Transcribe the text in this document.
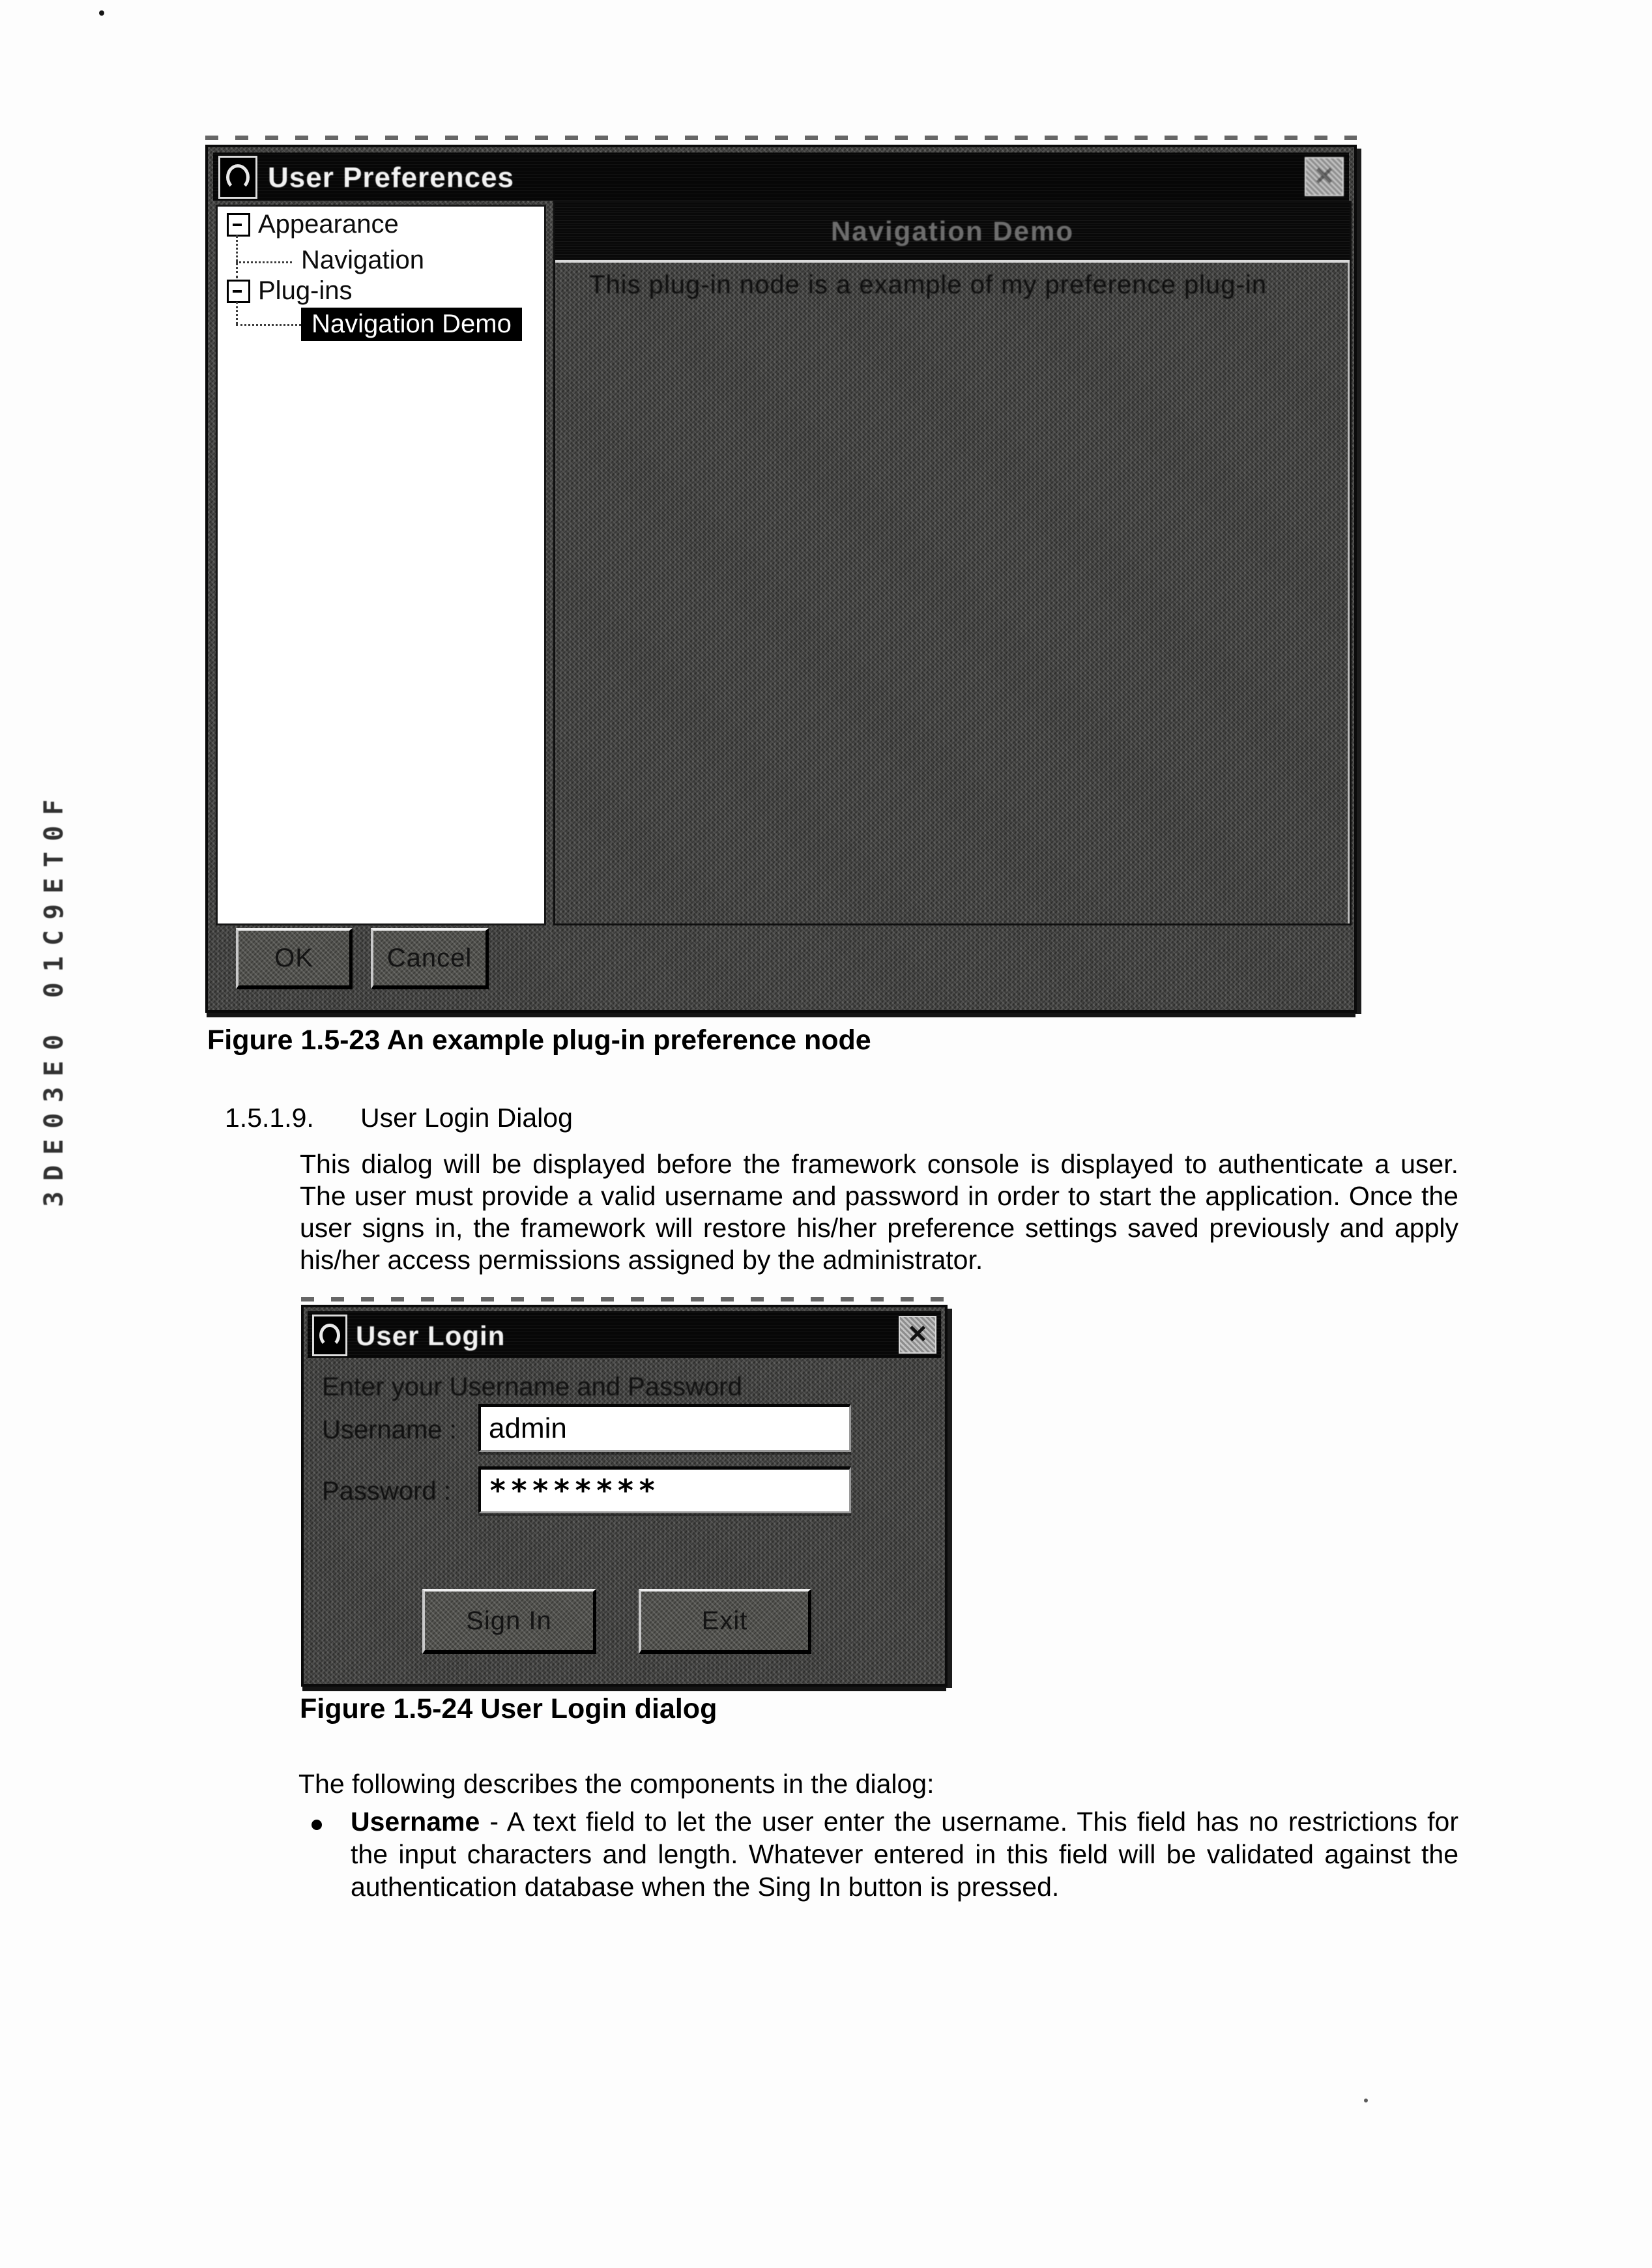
3DE03E0 01C9ET0F
User Preferences	✕
Appearance
Navigation
Plug-ins
Navigation Demo
Navigation Demo
This plug-in node is a example of my preference plug-in
OK	Cancel
Figure 1.5-23 An example plug-in preference node
1.5.1.9. User Login Dialog
This dialog will be displayed before the framework console is displayed to authenticate a user. The user must provide a valid username and password in order to start the application. Once the user signs in, the framework will restore his/her preference settings saved previously and apply his/her access permissions assigned by the administrator.
User Login	✕
Enter your Username and Password
Username : admin
Password : ********
Sign In	Exit
Figure 1.5-24 User Login dialog
The following describes the components in the dialog:
Username - A text field to let the user enter the username. This field has no restrictions for the input characters and length. Whatever entered in this field will be validated against the authentication database when the Sing In button is pressed.
